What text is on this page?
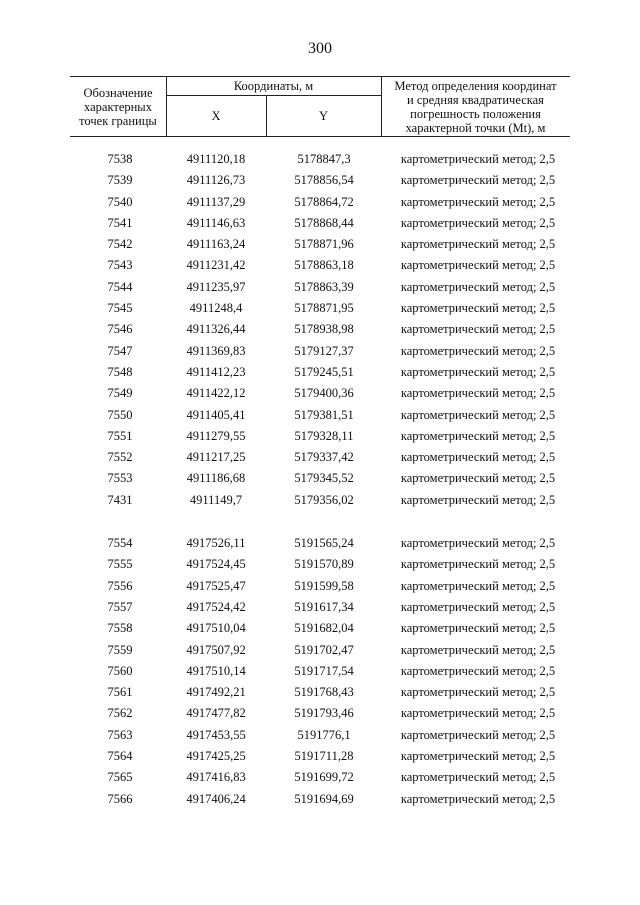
300
Обозначение
характерных
точек границы
Координаты, м
X	Y
Метод определения координат
и средняя квадратическая
погрешность положения
характерной точки (Mt), м
7538	4911120,18	5178847,3	картометрический метод; 2,5
7539	4911126,73	5178856,54	картометрический метод; 2,5
7540	4911137,29	5178864,72	картометрический метод; 2,5
7541	4911146,63	5178868,44	картометрический метод; 2,5
7542	4911163,24	5178871,96	картометрический метод; 2,5
7543	4911231,42	5178863,18	картометрический метод; 2,5
7544	4911235,97	5178863,39	картометрический метод; 2,5
7545	4911248,4	5178871,95	картометрический метод; 2,5
7546	4911326,44	5178938,98	картометрический метод; 2,5
7547	4911369,83	5179127,37	картометрический метод; 2,5
7548	4911412,23	5179245,51	картометрический метод; 2,5
7549	4911422,12	5179400,36	картометрический метод; 2,5
7550	4911405,41	5179381,51	картометрический метод; 2,5
7551	4911279,55	5179328,11	картометрический метод; 2,5
7552	4911217,25	5179337,42	картометрический метод; 2,5
7553	4911186,68	5179345,52	картометрический метод; 2,5
7431	4911149,7	5179356,02	картометрический метод; 2,5
7554	4917526,11	5191565,24	картометрический метод; 2,5
7555	4917524,45	5191570,89	картометрический метод; 2,5
7556	4917525,47	5191599,58	картометрический метод; 2,5
7557	4917524,42	5191617,34	картометрический метод; 2,5
7558	4917510,04	5191682,04	картометрический метод; 2,5
7559	4917507,92	5191702,47	картометрический метод; 2,5
7560	4917510,14	5191717,54	картометрический метод; 2,5
7561	4917492,21	5191768,43	картометрический метод; 2,5
7562	4917477,82	5191793,46	картометрический метод; 2,5
7563	4917453,55	5191776,1	картометрический метод; 2,5
7564	4917425,25	5191711,28	картометрический метод; 2,5
7565	4917416,83	5191699,72	картометрический метод; 2,5
7566	4917406,24	5191694,69	картометрический метод; 2,5
